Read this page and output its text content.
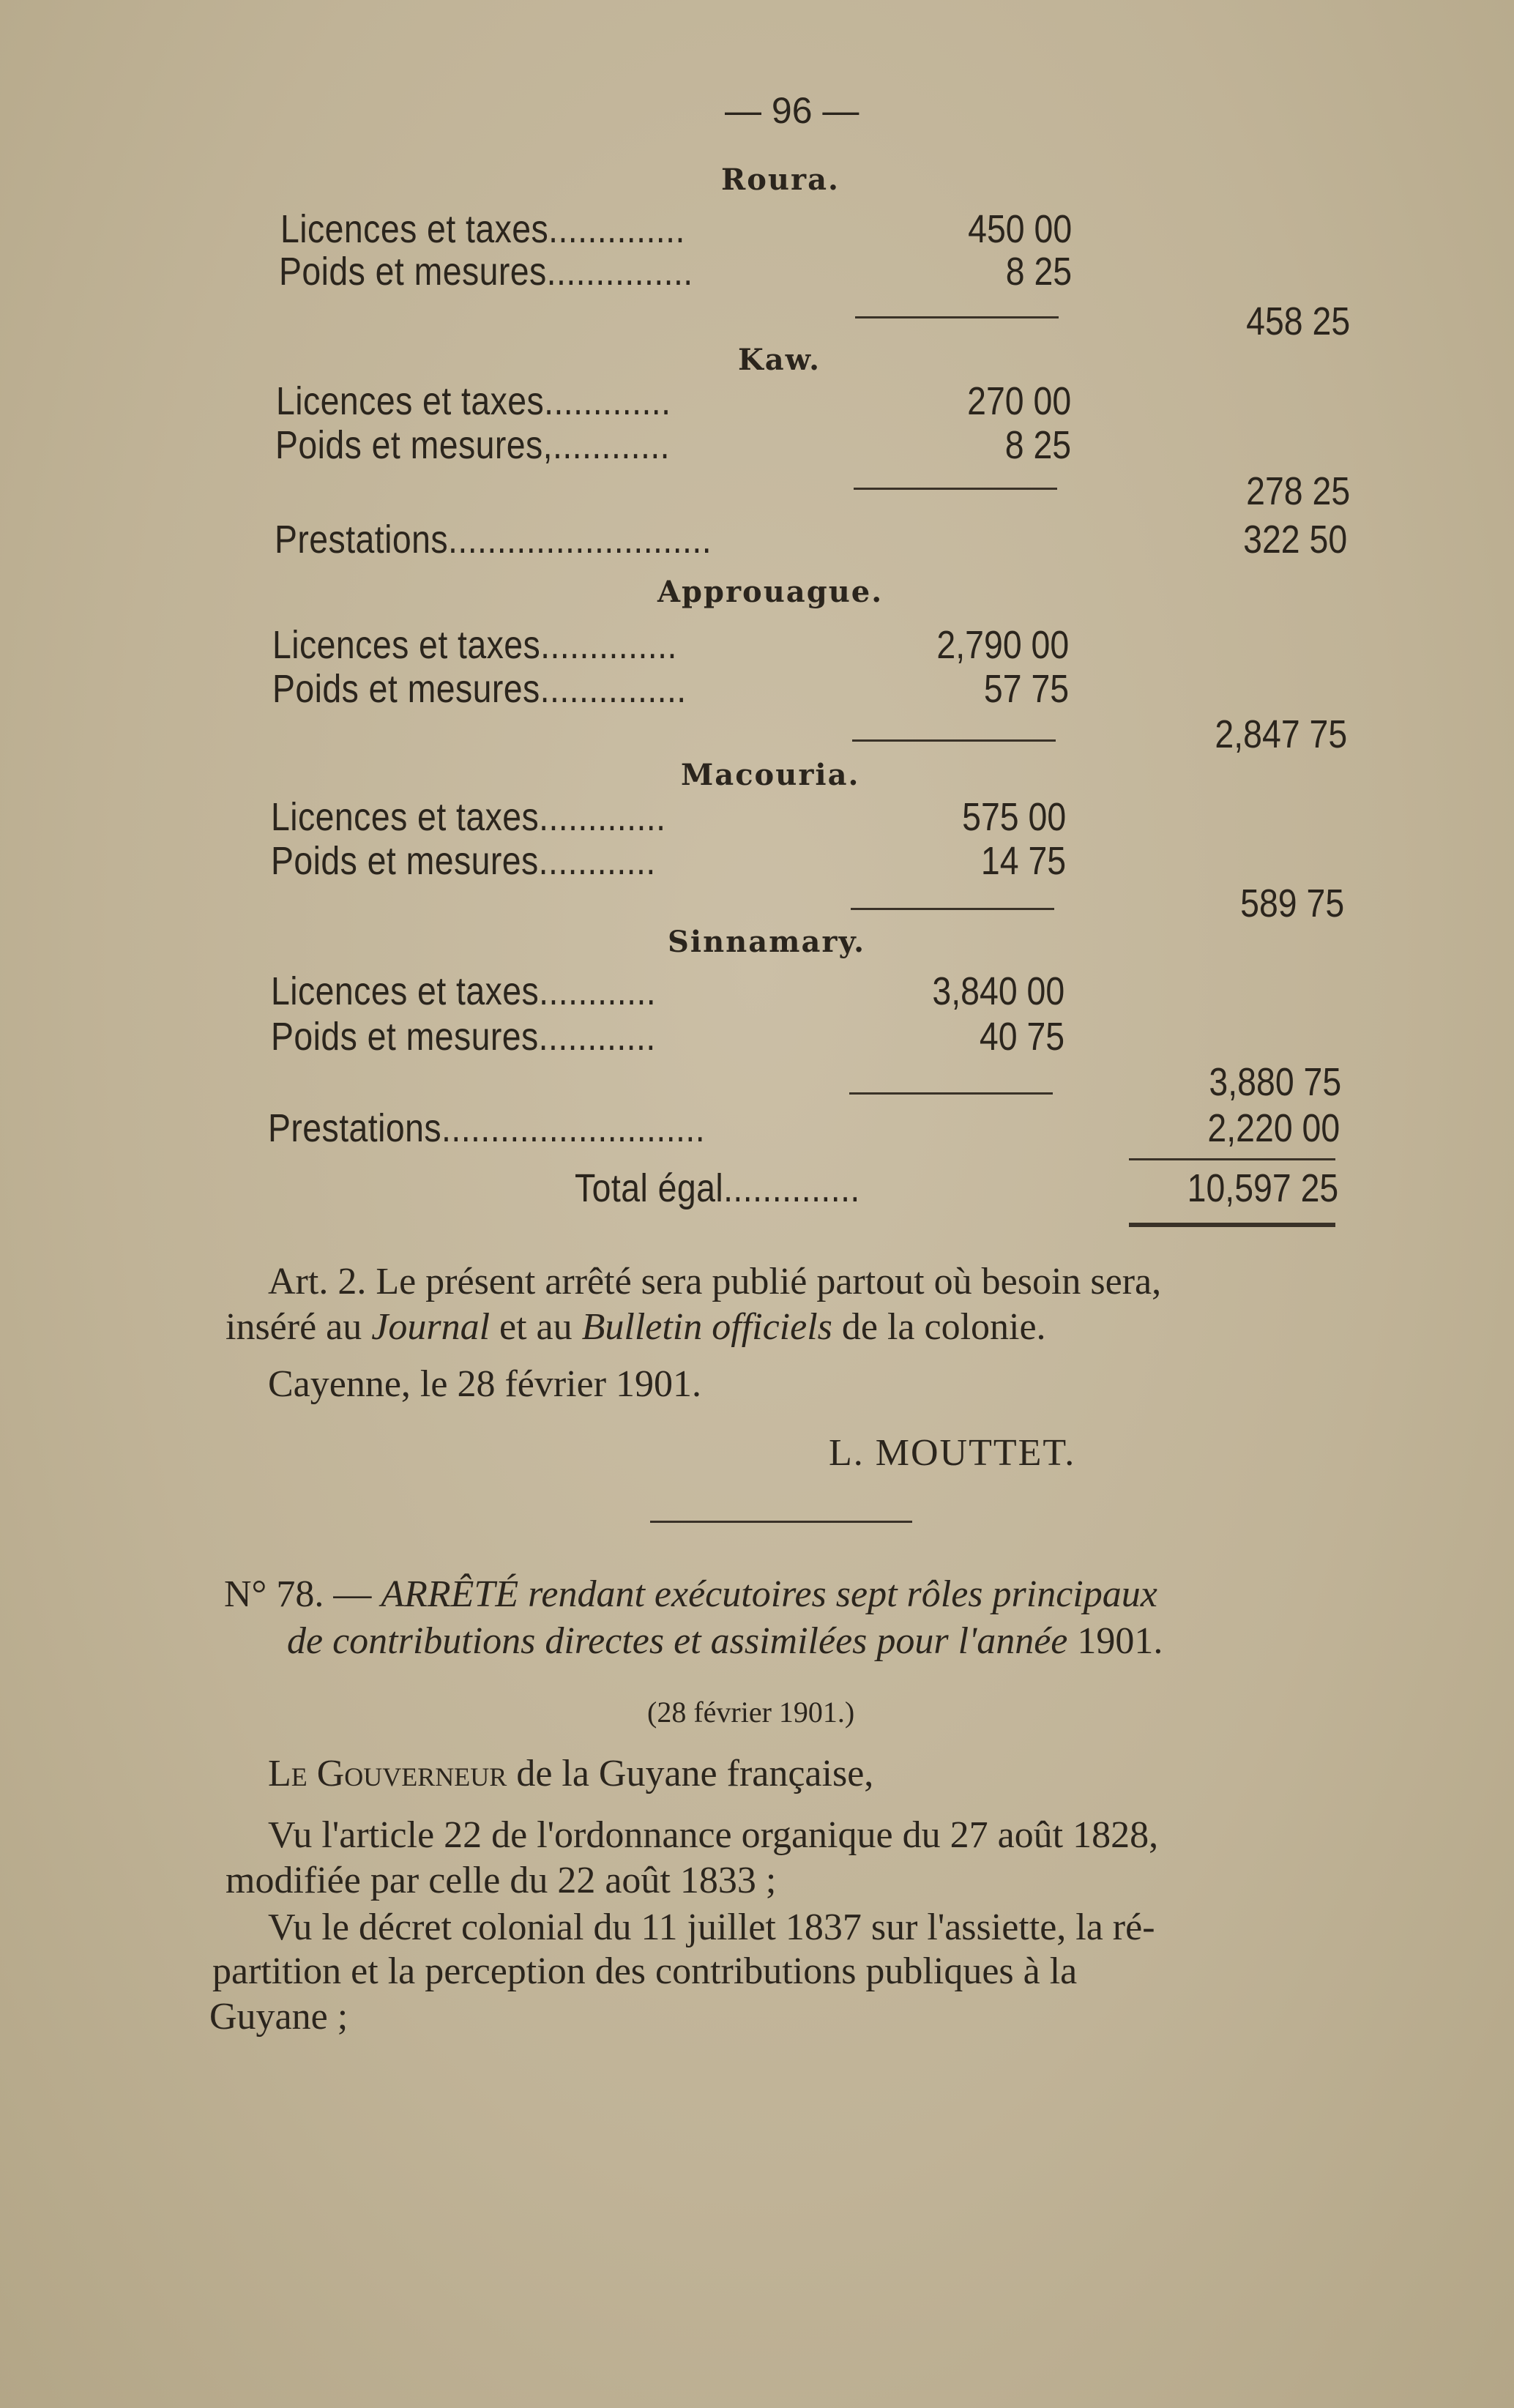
— 96 —
Roura.
Licences et taxes..............	450 00
Poids et mesures...............	8 25
458 25
Kaw.
Licences et taxes.............	270 00
Poids et mesures,............	8 25
278 25
Prestations...........................	322 50
Approuague.
Licences et taxes..............	2,790 00
Poids et mesures...............	57 75
2,847 75
Macouria.
Licences et taxes.............	575 00
Poids et mesures............	14 75
589 75
Sinnamary.
Licences et taxes............	3,840 00
Poids et mesures............	40 75
3,880 75
Prestations...........................	2,220 00
Total égal..............	10,597 25
Art. 2. Le présent arrêté sera publié partout où besoin sera,
inséré au Journal et au Bulletin officiels de la colonie.
Cayenne, le 28 février 1901.
L. MOUTTET.
N° 78. — ARRÊTÉ rendant exécutoires sept rôles principaux
de contributions directes et assimilées pour l'année 1901.
(28 février 1901.)
Le Gouverneur de la Guyane française,
Vu l'article 22 de l'ordonnance organique du 27 août 1828,
modifiée par celle du 22 août 1833 ;
Vu le décret colonial du 11 juillet 1837 sur l'assiette, la ré-
partition et la perception des contributions publiques à la
Guyane ;
